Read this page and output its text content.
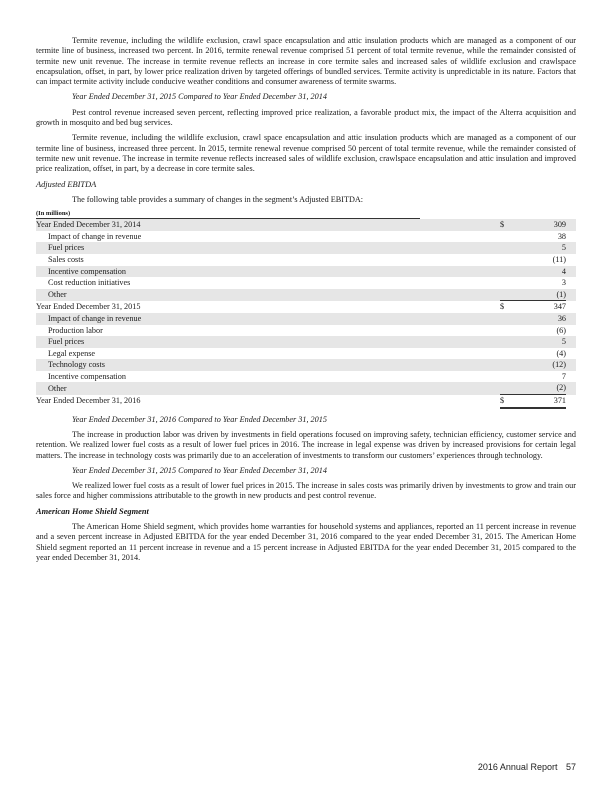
Termite revenue, including the wildlife exclusion, crawl space encapsulation and attic insulation products which are managed as a component of our termite line of business, increased two percent. In 2016, termite renewal revenue comprised 51 percent of total termite revenue, while the remainder consisted of termite new unit revenue. The increase in termite revenue reflects an increase in core termite sales and increased sales of wildlife exclusion and crawlspace encapsulation, offset, in part, by lower price realization driven by targeted offerings of bundled services. Termite activity is unpredictable in its nature. Factors that can impact termite activity include conducive weather conditions and consumer awareness of termite swarms.

Year Ended December 31, 2015 Compared to Year Ended December 31, 2014

Pest control revenue increased seven percent, reflecting improved price realization, a favorable product mix, the impact of the Alterra acquisition and growth in mosquito and bed bug services.

Termite revenue, including the wildlife exclusion, crawl space encapsulation and attic insulation products which are managed as a component of our termite line of business, increased three percent. In 2015, termite renewal revenue comprised 50 percent of total termite revenue, while the remainder consisted of termite new unit revenue. The increase in termite revenue reflects increased sales of wildlife exclusion, crawlspace encapsulation and attic insulation and improved price realization, offset, in part, by a decrease in core termite sales.

Adjusted EBITDA

The following table provides a summary of changes in the segment’s Adjusted EBITDA:

(In millions)
Year Ended December 31, 2014	$	309	
Impact of change in revenue		38	
Fuel prices		5	
Sales costs		(11)	
Incentive compensation		4	
Cost reduction initiatives		3	
Other		(1)	
Year Ended December 31, 2015	$	347	
Impact of change in revenue		36	
Production labor		(6)	
Fuel prices		5	
Legal expense		(4)	
Technology costs		(12)	
Incentive compensation		7	
Other		(2)	
Year Ended December 31, 2016	$	371	
Year Ended December 31, 2016 Compared to Year Ended December 31, 2015

The increase in production labor was driven by investments in field operations focused on improving safety, technician efficiency, customer service and retention. We realized lower fuel costs as a result of lower fuel prices in 2016. The increase in legal expense was driven by increased provisions for certain legal matters. The increase in technology costs was primarily due to an acceleration of investments to transform our customers’ experiences through technology.

Year Ended December 31, 2015 Compared to Year Ended December 31, 2014

We realized lower fuel costs as a result of lower fuel prices in 2015. The increase in sales costs was primarily driven by investments to grow and train our sales force and higher commissions attributable to the growth in new products and pest control revenue.

American Home Shield Segment

The American Home Shield segment, which provides home warranties for household systems and appliances, reported an 11 percent increase in revenue and a seven percent increase in Adjusted EBITDA for the year ended December 31, 2016 compared to the year ended December 31, 2015. The American Home Shield segment reported an 11 percent increase in revenue and a 15 percent increase in Adjusted EBITDA for the year ended December 31, 2015 compared to the year ended December 31, 2014.

2016 Annual Report 57
